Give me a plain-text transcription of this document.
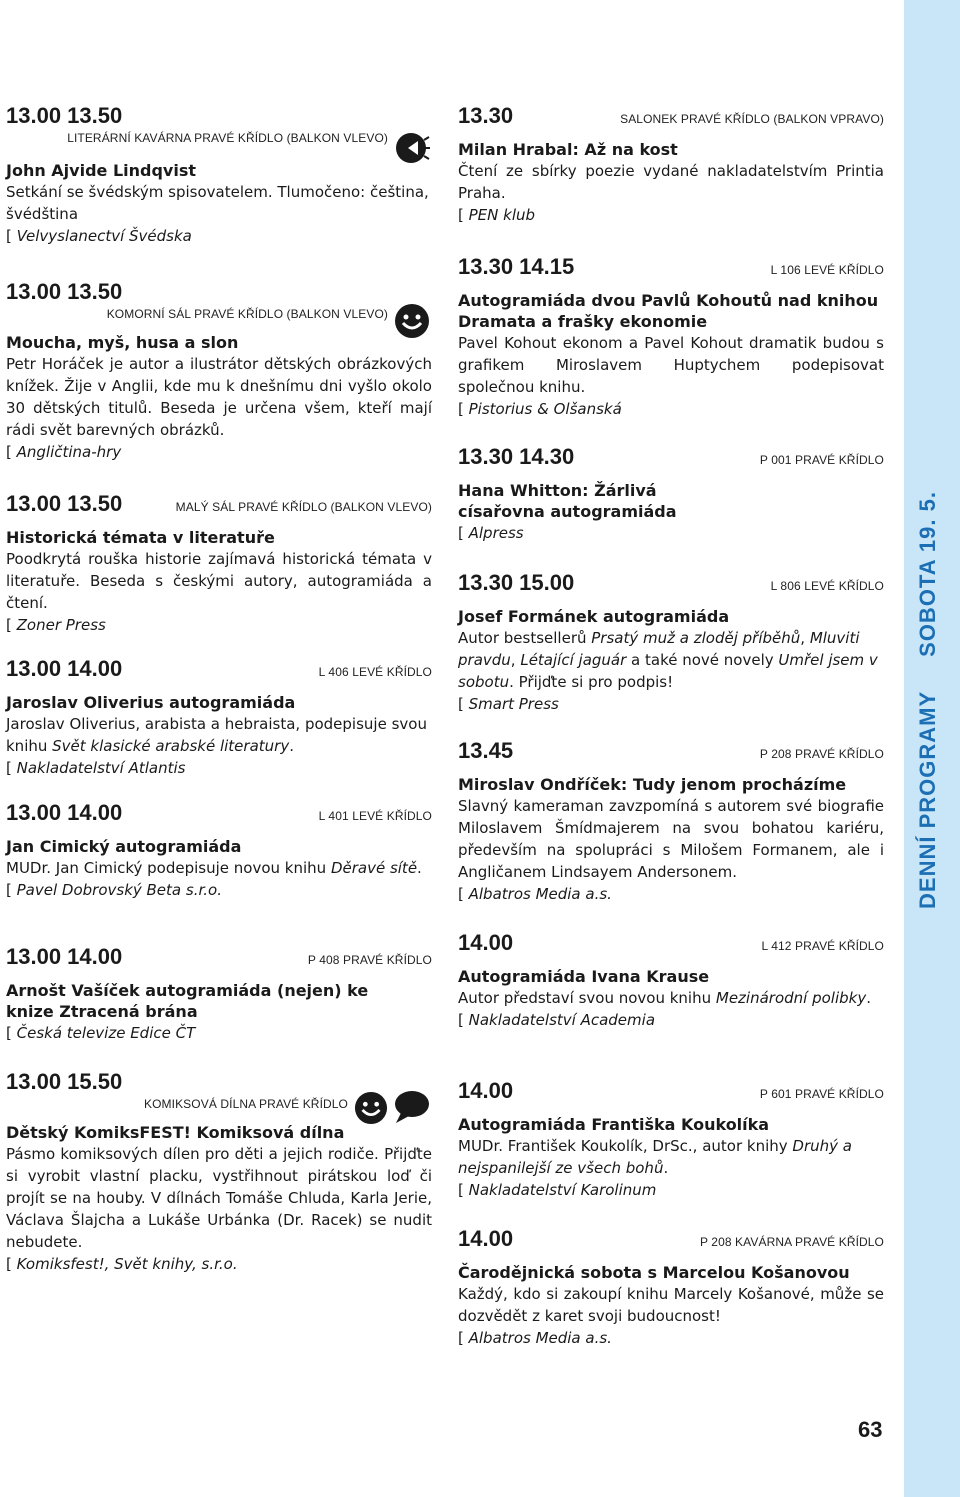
DENNÍ PROGRAMYSOBOTA 19. 5.
13.00 13.50
LITERÁRNÍ KAVÁRNA PRAVÉ KŘÍDLO (BALKON VLEVO)
John Ajvide Lindqvist
Setkání se švédským spisovatelem. Tlumočeno: čeština, švédština
[ Velvyslanectví Švédska
13.00 13.50
KOMORNÍ SÁL PRAVÉ KŘÍDLO (BALKON VLEVO)
Moucha, myš, husa a slon
Petr Horáček je autor a ilustrátor dětských obrázkových knížek. Žije v Anglii, kde mu k dnešnímu dni vyšlo okolo 30 dětských titulů. Beseda je určena všem, kteří mají rádi svět barevných obrázků.
[ Angličtina-hry
13.00 13.50	MALÝ SÁL PRAVÉ KŘÍDLO (BALKON VLEVO)
Historická témata v literatuře
Poodkrytá rouška historie zajímavá historická témata v literatuře. Beseda s českými autory, autogramiáda a čtení.
[ Zoner Press
13.00 14.00	L 406 LEVÉ KŘÍDLO
Jaroslav Oliverius autogramiáda
Jaroslav Oliverius, arabista a hebraista, podepisuje svou knihu Svět klasické arabské literatury.
[ Nakladatelství Atlantis
13.00 14.00	L 401 LEVÉ KŘÍDLO
Jan Cimický autogramiáda
MUDr. Jan Cimický podepisuje novou knihu Děravé sítě.
[ Pavel Dobrovský Beta s.r.o.
13.00 14.00	P 408 PRAVÉ KŘÍDLO
Arnošt Vašíček autogramiáda (nejen) ke knize Ztracená brána
[ Česká televize Edice ČT
13.00 15.50
KOMIKSOVÁ DÍLNA PRAVÉ KŘÍDLO
Dětský KomiksFEST! Komiksová dílna
Pásmo komiksových dílen pro děti a jejich rodiče. Přijďte si vyrobit vlastní placku, vystřihnout pirátskou loď či projít se na houby. V dílnách Tomáše Chluda, Karla Jerie, Václava Šlajcha a Lukáše Urbánka (Dr. Racek) se nudit nebudete.
[ Komiksfest!, Svět knihy, s.r.o.
13.30	SALONEK PRAVÉ KŘÍDLO (BALKON VPRAVO)
Milan Hrabal: Až na kost
Čtení ze sbírky poezie vydané nakladatelstvím Printia Praha.
[ PEN klub
13.30 14.15	L 106 LEVÉ KŘÍDLO
Autogramiáda dvou Pavlů Kohoutů nad knihou Dramata a frašky ekonomie
Pavel Kohout ekonom a Pavel Kohout dramatik budou s grafikem Miroslavem Huptychem podepisovat společnou knihu.
[ Pistorius & Olšanská
13.30 14.30	P 001 PRAVÉ KŘÍDLO
Hana Whitton: Žárlivá císařovna autogramiáda
[ Alpress
13.30 15.00	L 806 LEVÉ KŘÍDLO
Josef Formánek autogramiáda
Autor bestsellerů Prsatý muž a zloděj příběhů, Mluviti pravdu, Létající jaguár a také nové novely Umřel jsem v sobotu. Přijďte si pro podpis!
[ Smart Press
13.45	P 208 PRAVÉ KŘÍDLO
Miroslav Ondříček: Tudy jenom procházíme
Slavný kameraman zavzpomíná s autorem své biografie Miloslavem Šmídmajerem na svou bohatou kariéru, především na spolupráci s Milošem Formanem, ale i Angličanem Lindsayem Andersonem.
[ Albatros Media a.s.
14.00	L 412 PRAVÉ KŘÍDLO
Autogramiáda Ivana Krause
Autor představí svou novou knihu Mezinárodní polibky.
[ Nakladatelství Academia
14.00	P 601 PRAVÉ KŘÍDLO
Autogramiáda Františka Koukolíka
MUDr. František Koukolík, DrSc., autor knihy Druhý a nejspanilejší ze všech bohů.
[ Nakladatelství Karolinum
14.00	P 208 KAVÁRNA PRAVÉ KŘÍDLO
Čarodějnická sobota s Marcelou Košanovou
Každý, kdo si zakoupí knihu Marcely Košanové, může se dozvědět z karet svoji budoucnost!
[ Albatros Media a.s.
63
